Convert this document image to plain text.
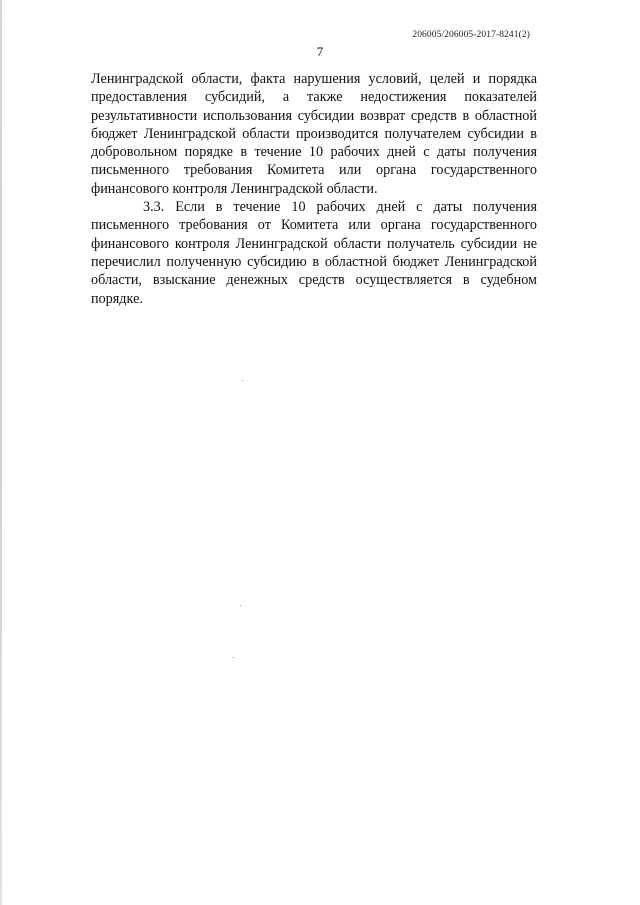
206005/206005-2017-8241(2)
7

Ленинградской области, факта нарушения условий, целей и порядка предоставления субсидий, а также недостижения показателей результативности использования субсидии возврат средств в областной бюджет Ленинградской области производится получателем субсидии в добровольном порядке в течение 10 рабочих дней с даты получения письменного требования Комитета или органа государственного финансового контроля Ленинградской области.

3.3. Если в течение 10 рабочих дней с даты получения письменного требования от Комитета или органа государственного финансового контроля Ленинградской области получатель субсидии не перечислил полученную субсидию в областной бюджет Ленинградской области, взыскание денежных средств осуществляется в судебном порядке.
